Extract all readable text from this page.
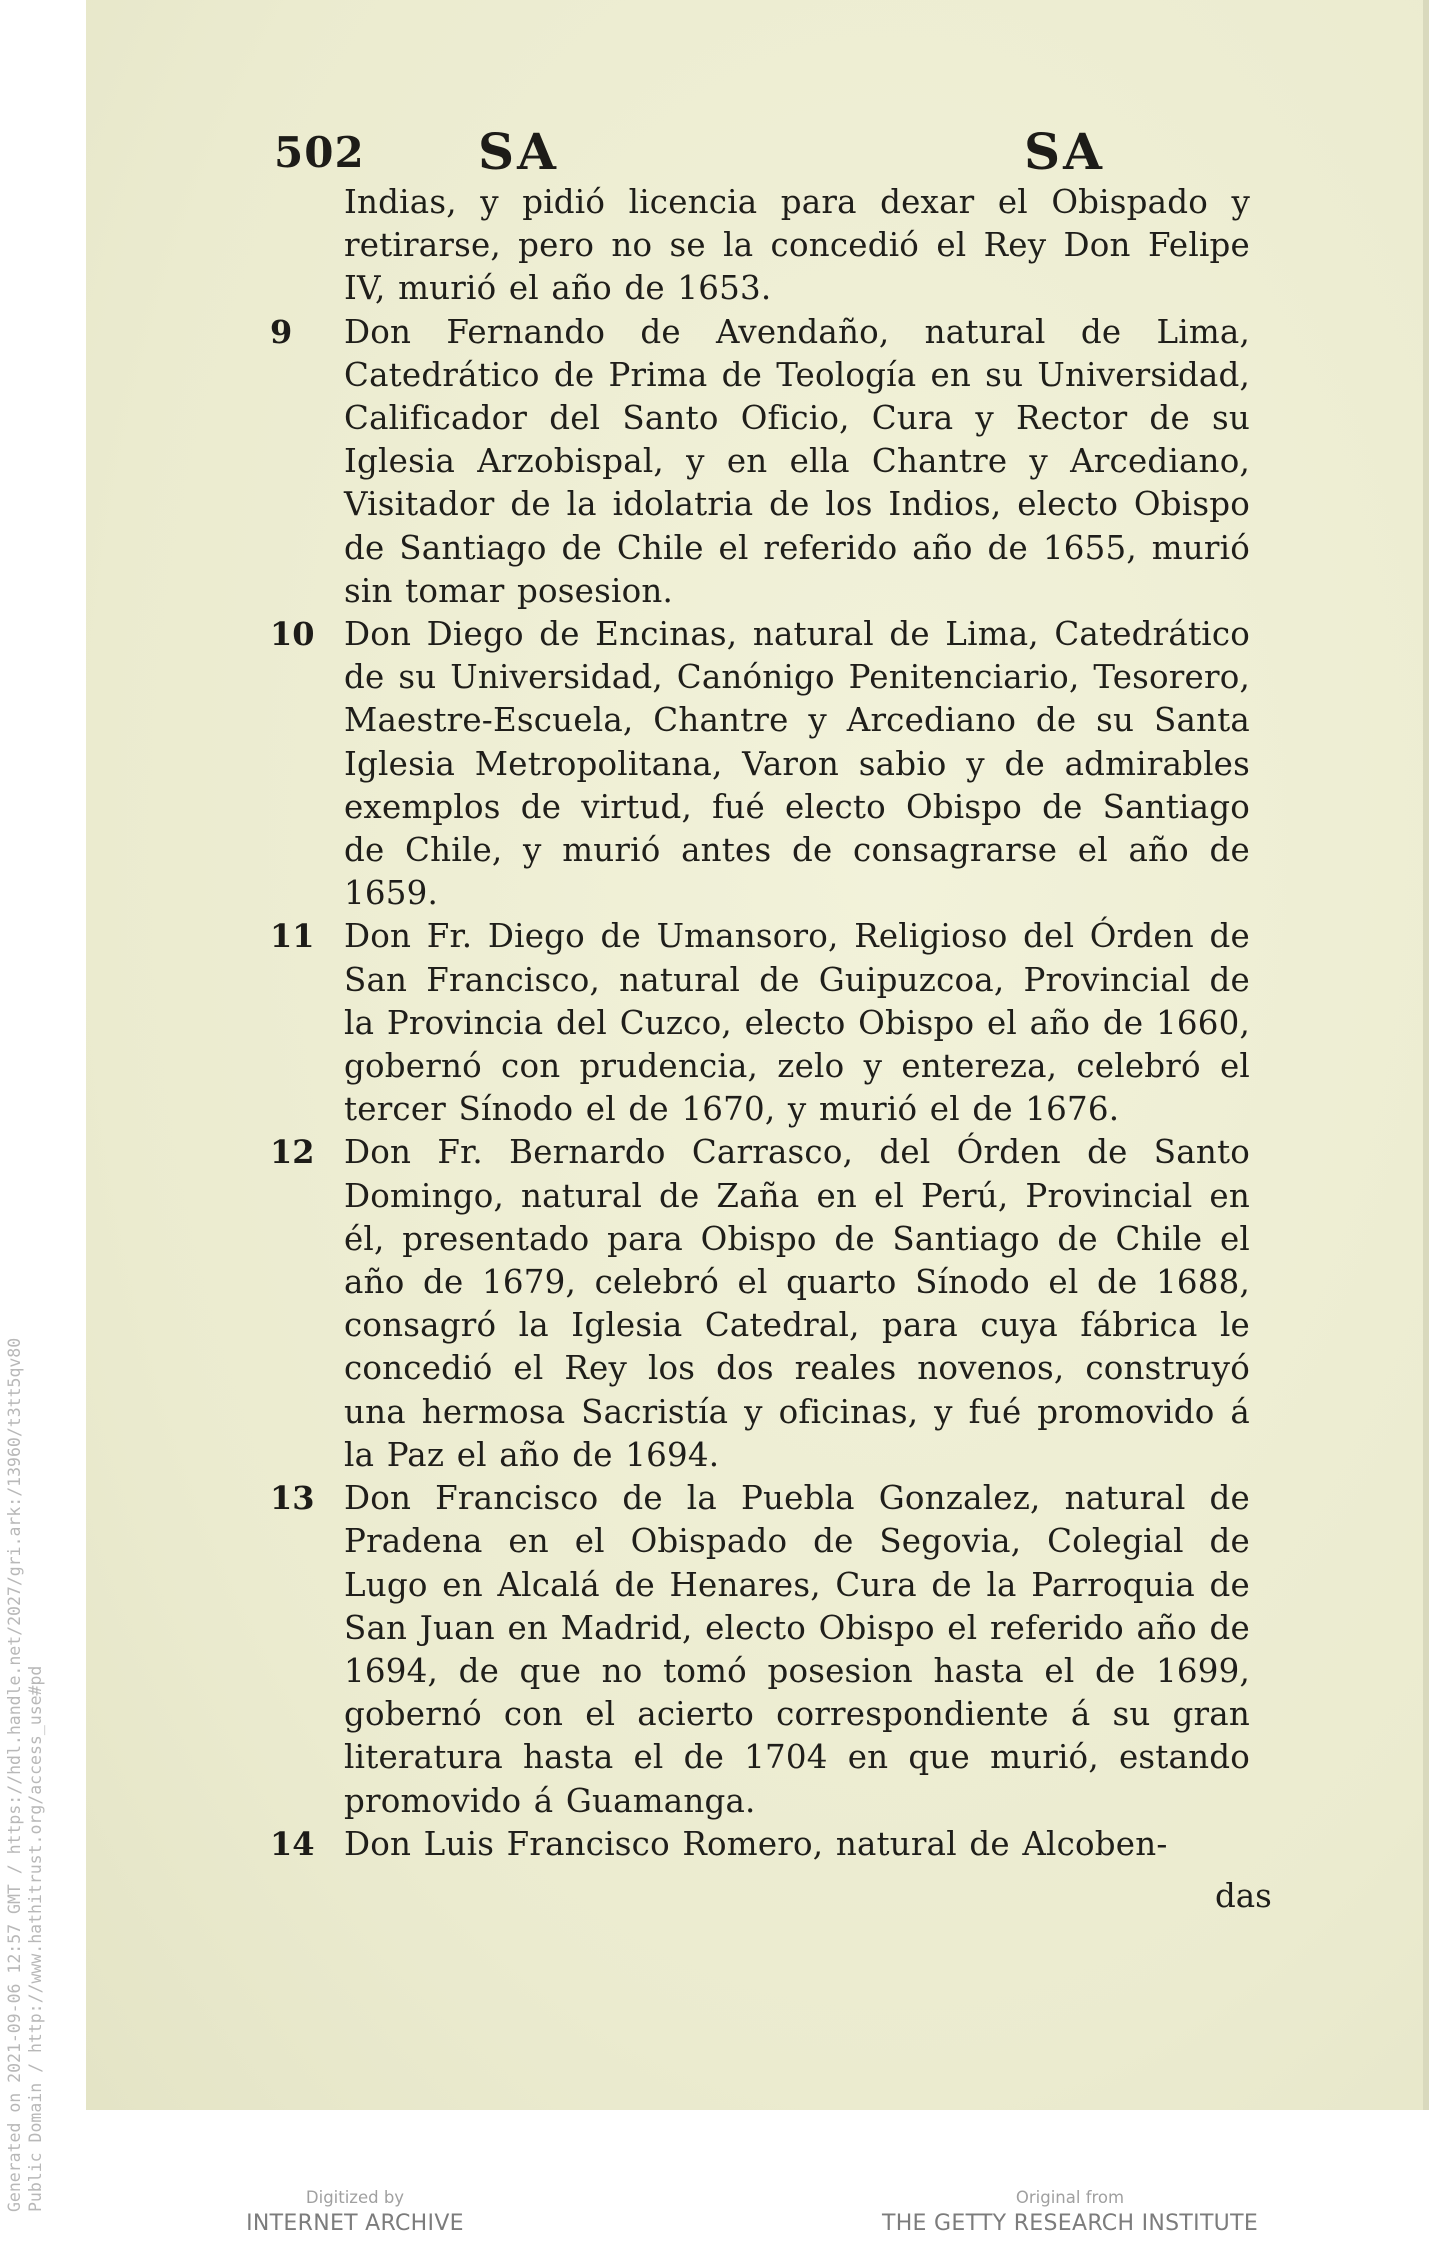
502 SA	SA

Indias, y pidió licencia para dexar el Obispado y retirarse, pero no se la concedió el Rey Don Felipe IV, murió el año de 1653.

9	Don Fernando de Avendaño, natural de Lima, Catedrático de Prima de Teología en su Universidad, Calificador del Santo Oficio, Cura y Rector de su Iglesia Arzobispal, y en ella Chantre y Arcediano, Visitador de la idolatria de los Indios, electo Obispo de Santiago de Chile el referido año de 1655, murió sin tomar posesion.

10 Don Diego de Encinas, natural de Lima, Catedrático de su Universidad, Canónigo Penitenciario, Tesorero, Maestre-Escuela, Chantre y Arcediano de su Santa Iglesia Metropolitana, Varon sabio y de admirables exemplos de virtud, fué electo Obispo de Santiago de Chile, y murió antes de consagrarse el año de 1659.

11 Don Fr. Diego de Umansoro, Religioso del Órden de San Francisco, natural de Guipuzcoa, Provincial de la Provincia del Cuzco, electo Obispo el año de 1660, gobernó con prudencia, zelo y entereza, celebró el tercer Sínodo el de 1670, y murió el de 1676.

12 Don Fr. Bernardo Carrasco, del Órden de Santo Domingo, natural de Zaña en el Perú, Provincial en él, presentado para Obispo de Santiago de Chile el año de 1679, celebró el quarto Sínodo el de 1688, consagró la Iglesia Catedral, para cuya fábrica le concedió el Rey los dos reales novenos, construyó una hermosa Sacristía y oficinas, y fué promovido á la Paz el año de 1694.

13 Don Francisco de la Puebla Gonzalez, natural de Pradena en el Obispado de Segovia, Colegial de Lugo en Alcalá de Henares, Cura de la Parroquia de San Juan en Madrid, electo Obispo el referido año de 1694, de que no tomó posesion hasta el de 1699, gobernó con el acierto correspondiente á su gran literatura hasta el de 1704 en que murió, estando promovido á Guamanga.

14 Don Luis Francisco Romero, natural de Alcoben-

das
Generated on 2021-09-06 12:57 GMT / https://hdl.handle.net/2027/gri.ark:/13960/t3tt5qv80 Public Domain / http://www.hathitrust.org/access_use#pd	Digitized by
INTERNET ARCHIVE
Original from
THE GETTY RESEARCH INSTITUTE
